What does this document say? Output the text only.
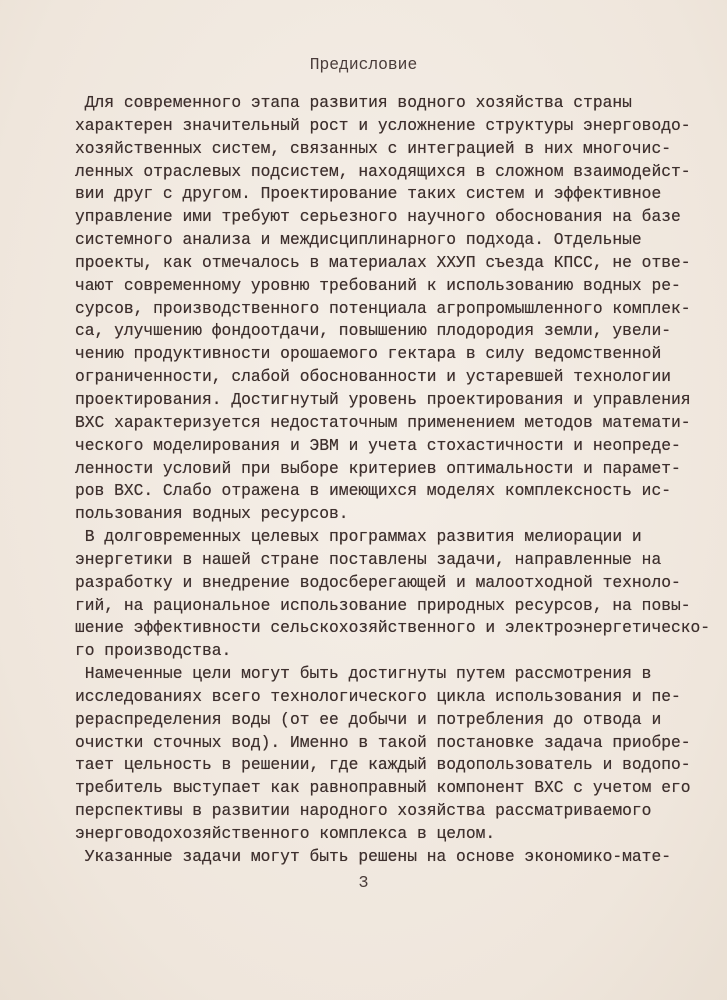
Предисловие
Для современного этапа развития водного хозяйства страны
характерен значительный рост и усложнение структуры энерговодо-
хозяйственных систем, связанных с интеграцией в них многочис-
ленных отраслевых подсистем, находящихся в сложном взаимодейст-
вии друг с другом. Проектирование таких систем и эффективное
управление ими требуют серьезного научного обоснования на базе
системного анализа и междисциплинарного подхода. Отдельные
проекты, как отмечалось в материалах ХХУП съезда КПСС, не отве-
чают современному уровню требований к использованию водных ре-
сурсов, производственного потенциала агропромышленного комплек-
са, улучшению фондоотдачи, повышению плодородия земли, увели-
чению продуктивности орошаемого гектара в силу ведомственной
ограниченности, слабой обоснованности и устаревшей технологии
проектирования. Достигнутый уровень проектирования и управления
ВХС характеризуется недостаточным применением методов математи-
ческого моделирования и ЭВМ и учета стохастичности и неопреде-
ленности условий при выборе критериев оптимальности и парамет-
ров ВХС. Слабо отражена в имеющихся моделях комплексность ис-
пользования водных ресурсов.
В долговременных целевых программах развития мелиорации и
энергетики в нашей стране поставлены задачи, направленные на
разработку и внедрение водосберегающей и малоотходной техноло-
гий, на рациональное использование природных ресурсов, на повы-
шение эффективности сельскохозяйственного и электроэнергетическо-
го производства.
Намеченные цели могут быть достигнуты путем рассмотрения в
исследованиях всего технологического цикла использования и пе-
рераспределения воды (от ее добычи и потребления до отвода и
очистки сточных вод). Именно в такой постановке задача приобре-
тает цельность в решении, где каждый водопользователь и водопо-
требитель выступает как равноправный компонент ВХС с учетом его
перспективы в развитии народного хозяйства рассматриваемого
энерговодохозяйственного комплекса в целом.
Указанные задачи могут быть решены на основе экономико-мате-
3
